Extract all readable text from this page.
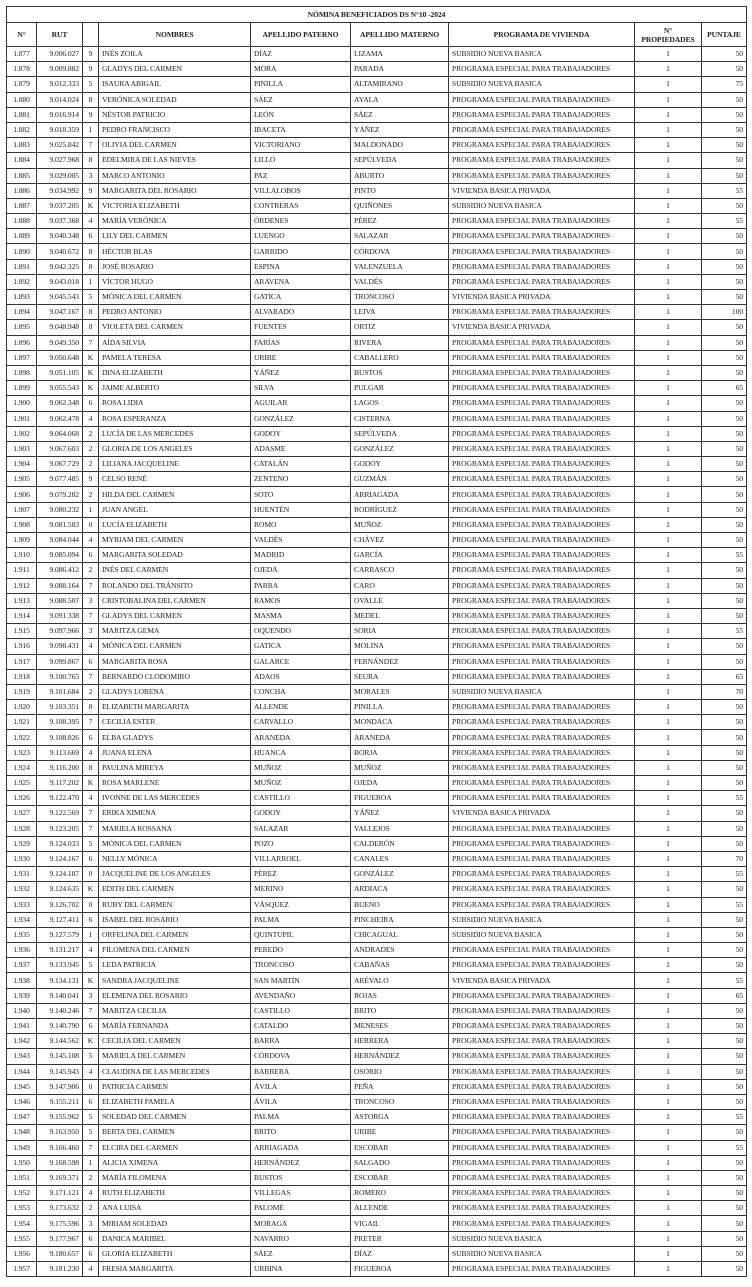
NÓMINA BENEFICIADOS DS N°10 -2024								
N°	RUT		NOMBRES	APELLIDO PATERNO	APELLIDO MATERNO	PROGRAMA DE VIVIENDA	N° PROPIEDADES	PUNTAJE
1.877	9.006.027	9	INÉS ZOILA	DÍAZ	LIZAMA	SUBSIDIO NUEVA BASICA	1	50
1.878	9.009.882	9	GLADYS DEL CARMEN	MORA	PARADA	PROGRAMA ESPECIAL PARA TRABAJADORES	1	50
1.879	9.012.333	5	ISAURA ABIGAIL	PINILLA	ALTAMIRANO	SUBSIDIO NUEVA BASICA	1	75
1.880	9.014.024	8	VERÓNICA SOLEDAD	SÁEZ	AYALA	PROGRAMA ESPECIAL PARA TRABAJADORES	1	50
1.881	9.016.914	9	NÉSTOR PATRICIO	LEÓN	SÁEZ	PROGRAMA ESPECIAL PARA TRABAJADORES	1	50
1.882	9.018.359	1	PEDRO FRANCISCO	IBACETA	YÁÑEZ	PROGRAMA ESPECIAL PARA TRABAJADORES	1	50
1.883	9.025.842	7	OLIVIA DEL CARMEN	VICTORIANO	MALDONADO	PROGRAMA ESPECIAL PARA TRABAJADORES	1	50
1.884	9.027.968	8	EDELMIRA DE LAS NIEVES	LILLO	SEPÚLVEDA	PROGRAMA ESPECIAL PARA TRABAJADORES	1	50
1.885	9.029.005	3	MARCO ANTONIO	PAZ	ABURTO	PROGRAMA ESPECIAL PARA TRABAJADORES	1	50
1.886	9.034.992	9	MARGARITA DEL ROSARIO	VILLALOBOS	PINTO	VIVIENDA BASICA PRIVADA	1	55
1.887	9.037.205	K	VICTORIA ELIZABETH	CONTRERAS	QUIÑONES	SUBSIDIO NUEVA BASICA	1	50
1.888	9.037.368	4	MARÍA VERÓNICA	ÓRDENES	PÉREZ	PROGRAMA ESPECIAL PARA TRABAJADORES	1	55
1.889	9.040.348	6	LILY DEL CARMEN	LUENGO	SALAZAR	PROGRAMA ESPECIAL PARA TRABAJADORES	1	50
1.890	9.040.672	8	HÉCTOR BLAS	GARRIDO	CÓRDOVA	PROGRAMA ESPECIAL PARA TRABAJADORES	1	50
1.891	9.042.325	8	JOSÉ ROSARIO	ESPINA	VALENZUELA	PROGRAMA ESPECIAL PARA TRABAJADORES	1	50
1.892	9.043.018	1	VÍCTOR HUGO	ARAVENA	VALDÉS	PROGRAMA ESPECIAL PARA TRABAJADORES	1	50
1.893	9.045.543	5	MÓNICA DEL CARMEN	GATICA	TRONCOSO	VIVIENDA BASICA PRIVADA	1	50
1.894	9.047.167	8	PEDRO ANTONIO	ALVARADO	LEIVA	PROGRAMA ESPECIAL PARA TRABAJADORES	1	100
1.895	9.048.948	8	VIOLETA DEL CARMEN	FUENTES	ORTIZ	VIVIENDA BASICA PRIVADA	1	50
1.896	9.049.350	7	AÍDA SILVIA	FARÍAS	RIVERA	PROGRAMA ESPECIAL PARA TRABAJADORES	1	50
1.897	9.050.648	K	PAMELA TERESA	URIBE	CABALLERO	PROGRAMA ESPECIAL PARA TRABAJADORES	1	50
1.898	9.051.105	K	DINA ELIZABETH	YÁÑEZ	BUSTOS	PROGRAMA ESPECIAL PARA TRABAJADORES	1	50
1.899	9.055.543	K	JAIME ALBERTO	SILVA	PULGAR	PROGRAMA ESPECIAL PARA TRABAJADORES	1	65
1.900	9.062.348	6	ROSA LIDIA	AGUILAR	LAGOS	PROGRAMA ESPECIAL PARA TRABAJADORES	1	50
1.901	9.062.478	4	ROSA ESPERANZA	GONZÁLEZ	CISTERNA	PROGRAMA ESPECIAL PARA TRABAJADORES	1	50
1.902	9.064.068	2	LUCÍA DE LAS MERCEDES	GODOY	SEPÚLVEDA	PROGRAMA ESPECIAL PARA TRABAJADORES	1	50
1.903	9.067.603	2	GLORIA DE LOS ANGELES	ADASME	GONZÁLEZ	PROGRAMA ESPECIAL PARA TRABAJADORES	1	50
1.904	9.067.729	2	LILIANA JACQUELINE	CATALÁN	GODOY	PROGRAMA ESPECIAL PARA TRABAJADORES	1	50
1.905	9.077.485	9	CELSO RENÉ	ZENTENO	GUZMÁN	PROGRAMA ESPECIAL PARA TRABAJADORES	1	50
1.906	9.079.282	2	HILDA DEL CARMEN	SOTO	ARRIAGADA	PROGRAMA ESPECIAL PARA TRABAJADORES	1	50
1.907	9.080.232	1	JUAN ANGEL	HUENTÉN	RODRÍGUEZ	PROGRAMA ESPECIAL PARA TRABAJADORES	1	50
1.908	9.081.583	0	LUCÍA ELIZABETH	ROMO	MUÑOZ	PROGRAMA ESPECIAL PARA TRABAJADORES	1	50
1.909	9.084.044	4	MYRIAM DEL CARMEN	VALDÉS	CHÁVEZ	PROGRAMA ESPECIAL PARA TRABAJADORES	1	50
1.910	9.085.094	6	MARGARITA SOLEDAD	MADRID	GARCÍA	PROGRAMA ESPECIAL PARA TRABAJADORES	1	55
1.911	9.086.412	2	INÉS DEL CARMEN	OJEDA	CARRASCO	PROGRAMA ESPECIAL PARA TRABAJADORES	1	50
1.912	9.088.164	7	ROLANDO DEL TRÁNSITO	PARRA	CARO	PROGRAMA ESPECIAL PARA TRABAJADORES	1	50
1.913	9.088.507	3	CRISTOBALINA DEL CARMEN	RAMOS	OVALLE	PROGRAMA ESPECIAL PARA TRABAJADORES	1	50
1.914	9.091.338	7	GLADYS DEL CARMEN	MASMA	MEDEL	PROGRAMA ESPECIAL PARA TRABAJADORES	1	50
1.915	9.097.966	3	MARITZA GEMA	OQUENDO	SORIA	PROGRAMA ESPECIAL PARA TRABAJADORES	1	55
1.916	9.098.431	4	MÓNICA DEL CARMEN	GATICA	MOLINA	PROGRAMA ESPECIAL PARA TRABAJADORES	1	50
1.917	9.099.867	6	MARGARITA ROSA	GALARCE	FERNÁNDEZ	PROGRAMA ESPECIAL PARA TRABAJADORES	1	50
1.918	9.100.765	7	BERNARDO CLODOMIRO	ADAOS	SEURA	PROGRAMA ESPECIAL PARA TRABAJADORES	1	65
1.919	9.101.684	2	GLADYS LORENA	CONCHA	MORALES	SUBSIDIO NUEVA BASICA	1	70
1.920	9.103.351	8	ELIZABETH MARGARITA	ALLENDE	PINILLA	PROGRAMA ESPECIAL PARA TRABAJADORES	1	50
1.921	9.108.395	7	CECILIA ESTER	CARVALLO	MONDACA	PROGRAMA ESPECIAL PARA TRABAJADORES	1	50
1.922	9.108.826	6	ELBA GLADYS	ARANEDA	ARANEDA	PROGRAMA ESPECIAL PARA TRABAJADORES	1	50
1.923	9.113.669	4	JUANA ELENA	HUANCA	BORJA	PROGRAMA ESPECIAL PARA TRABAJADORES	1	50
1.924	9.116.200	8	PAULINA MIREYA	MUÑOZ	MUÑOZ	PROGRAMA ESPECIAL PARA TRABAJADORES	1	50
1.925	9.117.202	K	ROSA MARLENE	MUÑOZ	OJEDA	PROGRAMA ESPECIAL PARA TRABAJADORES	1	50
1.926	9.122.470	4	IVONNE DE LAS MERCEDES	CASTILLO	FIGUEROA	PROGRAMA ESPECIAL PARA TRABAJADORES	1	55
1.927	9.122.569	7	ERIKA XIMENA	GODOY	YÁÑEZ	VIVIENDA BASICA PRIVADA	1	50
1.928	9.123.205	7	MARIELA ROSSANA	SALAZAR	VALLEJOS	PROGRAMA ESPECIAL PARA TRABAJADORES	1	50
1.929	9.124.033	5	MÓNICA DEL CARMEN	POZO	CALDERÓN	PROGRAMA ESPECIAL PARA TRABAJADORES	1	50
1.930	9.124.167	6	NELLY MÓNICA	VILLARROEL	CANALES	PROGRAMA ESPECIAL PARA TRABAJADORES	1	70
1.931	9.124.187	0	JACQUELINE DE LOS ANGELES	PÉREZ	GONZÁLEZ	PROGRAMA ESPECIAL PARA TRABAJADORES	1	55
1.932	9.124.635	K	EDITH DEL CARMEN	MERINO	ARDIACA	PROGRAMA ESPECIAL PARA TRABAJADORES	1	50
1.933	9.126.702	0	RUBY DEL CARMEN	VÁSQUEZ	BUENO	PROGRAMA ESPECIAL PARA TRABAJADORES	1	55
1.934	9.127.411	6	ISABEL DEL ROSARIO	PALMA	PINCHEIRA	SUBSIDIO NUEVA BASICA	1	50
1.935	9.127.579	1	ORFELINA DEL CARMEN	QUINTUPIL	CHICAGUAL	SUBSIDIO NUEVA BASICA	1	50
1.936	9.131.217	4	FILOMENA DEL CARMEN	PEREDO	ANDRADES	PROGRAMA ESPECIAL PARA TRABAJADORES	1	50
1.937	9.133.945	5	LEDA PATRICIA	TRONCOSO	CABAÑAS	PROGRAMA ESPECIAL PARA TRABAJADORES	1	50
1.938	9.134.131	K	SANDRA JACQUELINE	SAN MARTÍN	ARÉVALO	VIVIENDA BASICA PRIVADA	1	55
1.939	9.140.041	3	ELEMENA DEL ROSARIO	AVENDAÑO	ROJAS	PROGRAMA ESPECIAL PARA TRABAJADORES	1	65
1.940	9.140.246	7	MARITZA CECILIA	CASTILLO	BRITO	PROGRAMA ESPECIAL PARA TRABAJADORES	1	50
1.941	9.140.790	6	MARÍA FERNANDA	CATALDO	MENESES	PROGRAMA ESPECIAL PARA TRABAJADORES	1	50
1.942	9.144.562	K	CECILIA DEL CARMEN	BARRA	HERRERA	PROGRAMA ESPECIAL PARA TRABAJADORES	1	50
1.943	9.145.108	5	MARIELA DEL CARMEN	CÓRDOVA	HERNÁNDEZ	PROGRAMA ESPECIAL PARA TRABAJADORES	1	50
1.944	9.145.943	4	CLAUDINA DE LAS MERCEDES	BARRERA	OSORIO	PROGRAMA ESPECIAL PARA TRABAJADORES	1	50
1.945	9.147.906	0	PATRICIA CARMEN	ÁVILA	PEÑA	PROGRAMA ESPECIAL PARA TRABAJADORES	1	50
1.946	9.155.211	6	ELIZABETH PAMELA	ÁVILA	TRONCOSO	PROGRAMA ESPECIAL PARA TRABAJADORES	1	50
1.947	9.155.962	5	SOLEDAD DEL CARMEN	PALMA	ASTORGA	PROGRAMA ESPECIAL PARA TRABAJADORES	1	55
1.948	9.163.950	5	BERTA DEL CARMEN	BRITO	URIBE	PROGRAMA ESPECIAL PARA TRABAJADORES	1	50
1.949	9.166.460	7	ELCIRA DEL CARMEN	ARRIAGADA	ESCOBAR	PROGRAMA ESPECIAL PARA TRABAJADORES	1	55
1.950	9.168.598	1	ALICIA XIMENA	HERNÁNDEZ	SALGADO	PROGRAMA ESPECIAL PARA TRABAJADORES	1	50
1.951	9.169.371	2	MARÍA FILOMENA	BUSTOS	ESCOBAR	PROGRAMA ESPECIAL PARA TRABAJADORES	1	50
1.952	9.171.121	4	RUTH ELIZABETH	VILLEGAS	ROMERO	PROGRAMA ESPECIAL PARA TRABAJADORES	1	50
1.953	9.173.632	2	ANA LUISA	PALOMÉ	ALLENDE	PROGRAMA ESPECIAL PARA TRABAJADORES	1	50
1.954	9.175.596	3	MIRIAM SOLEDAD	MORAGA	VIGAIL	PROGRAMA ESPECIAL PARA TRABAJADORES	1	50
1.955	9.177.967	6	DANICA MARIBEL	NAVARRO	PRETER	SUBSIDIO NUEVA BASICA	1	50
1.956	9.180.657	6	GLORIA ELIZABETH	SÁEZ	DÍAZ	SUBSIDIO NUEVA BASICA	1	50
1.957	9.181.230	4	FRESIA MARGARITA	URBINA	FIGUEROA	PROGRAMA ESPECIAL PARA TRABAJADORES	1	50
